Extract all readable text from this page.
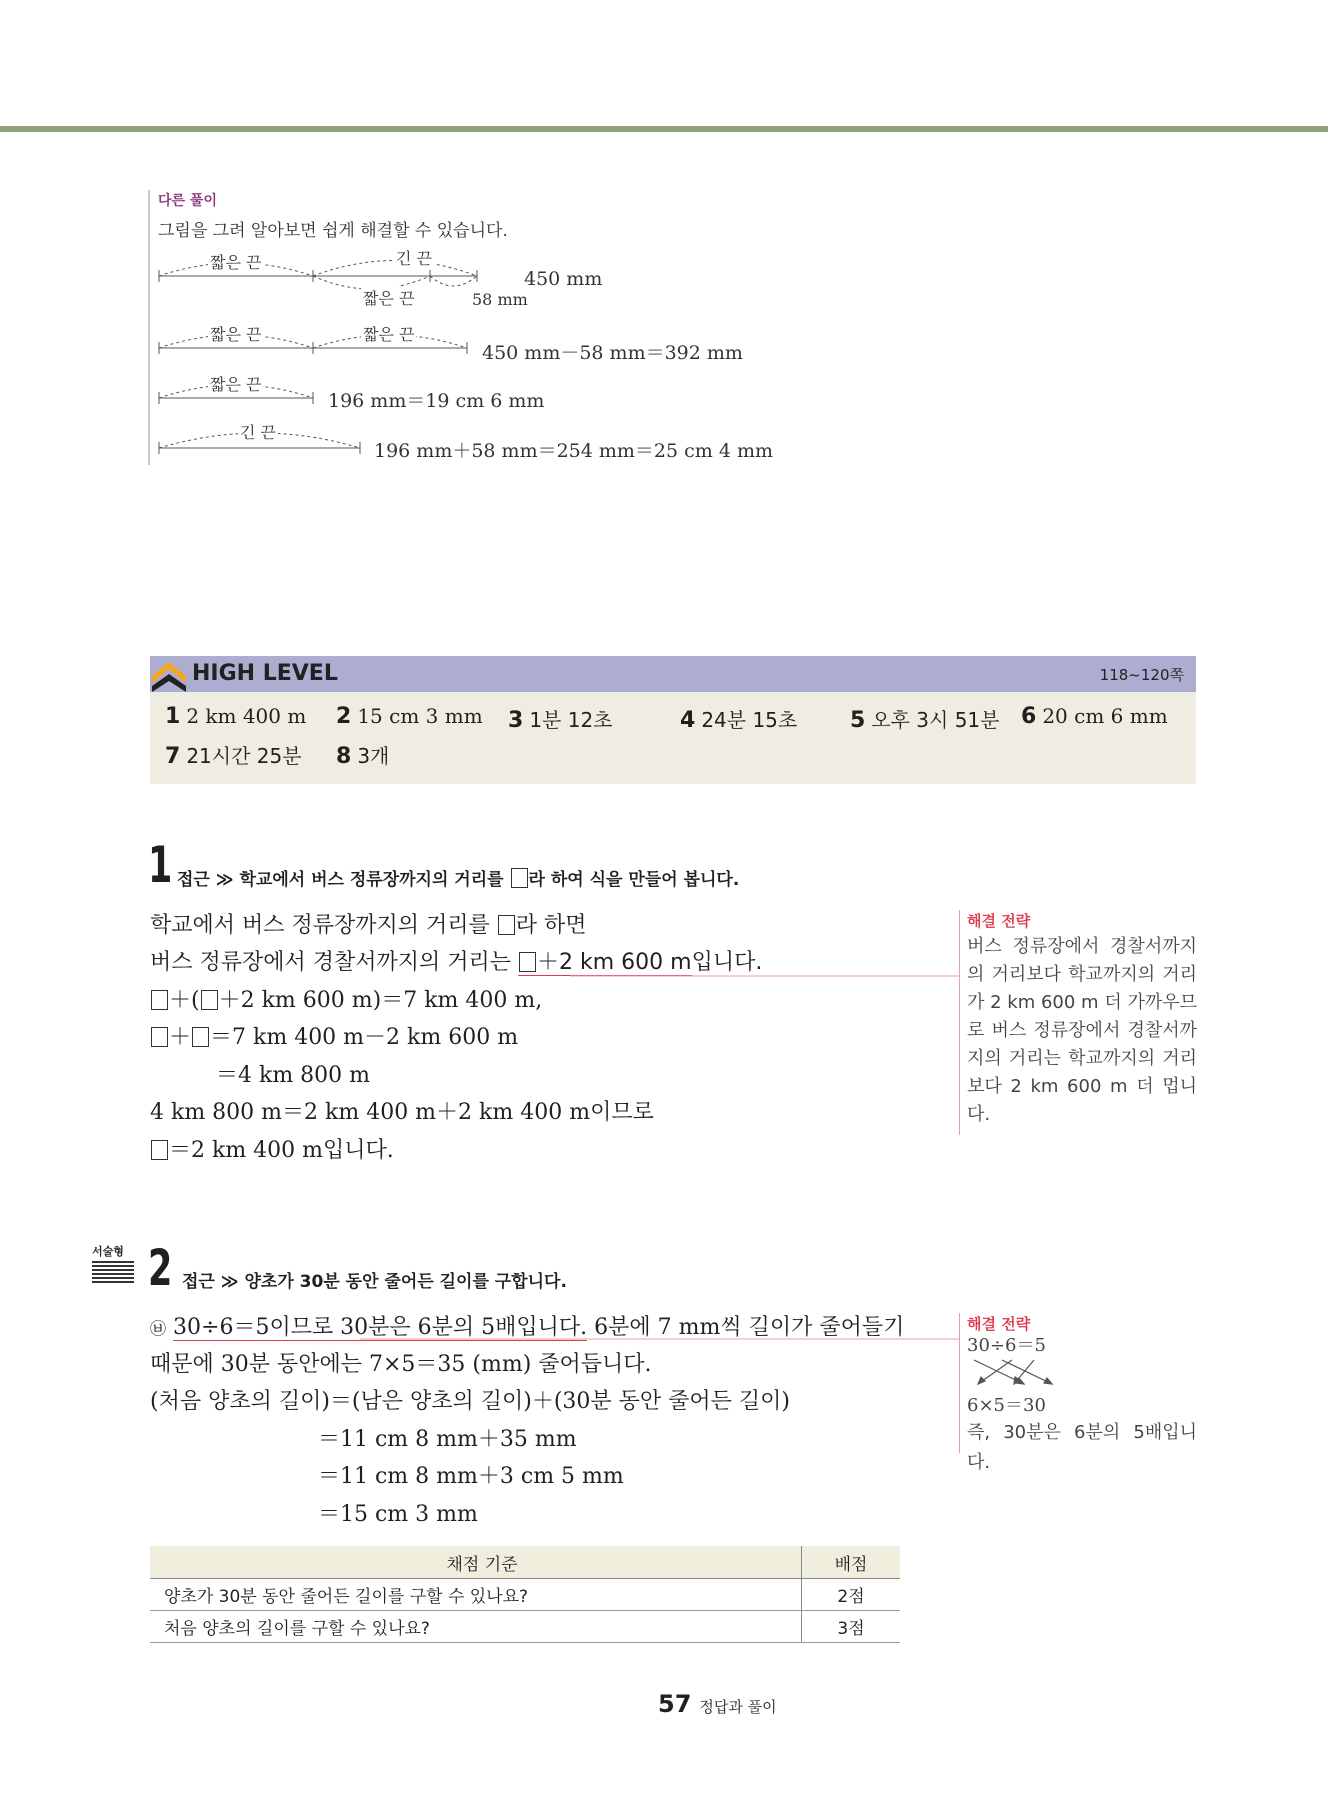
다른 풀이
그림을 그려 알아보면 쉽게 해결할 수 있습니다.
짧은 끈	긴 끈
짧은 끈	58 mm
450 mm
짧은 끈	짧은 끈
450 mm－58 mm＝392 mm
짧은 끈
196 mm＝19 cm 6 mm
긴 끈
196 mm＋58 mm＝254 mm＝25 cm 4 mm
HIGH LEVEL	118~120쪽
1 2 km 400 m 2 15 cm 3 mm 3 1분 12초	4 24분 15초 5 오후 3시 51분 6 20 cm 6 mm
7 21시간 25분 8 3개
1 접근 ≫ 학교에서 버스 정류장까지의 거리를 라 하여 식을 만들어 봅니다.
학교에서 버스 정류장까지의 거리를 라 하면
버스 정류장에서 경찰서까지의 거리는 ＋2 km 600 m입니다.
＋( ＋2 km 600 m)＝7 km 400 m,
＋ ＝7 km 400 m－2 km 600 m
＝4 km 800 m
4 km 800 m＝2 km 400 m＋2 km 400 m이므로
＝2 km 400 m입니다.
해결 전략
버스 정류장에서 경찰서까지의 거리보다 학교까지의 거리가 2 km 600 m 더 가까우므로 버스 정류장에서 경찰서까지의 거리는 학교까지의 거리보다 2 km 600 m 더 멉니다.
서술형 2 접근 ≫ 양초가 30분 동안 줄어든 길이를 구합니다.
㉥ 30÷6＝5이므로 30분은 6분의 5배입니다. 6분에 7 mm씩 길이가 줄어들기
때문에 30분 동안에는 7×5＝35 (mm) 줄어듭니다.
(처음 양초의 길이)＝(남은 양초의 길이)＋(30분 동안 줄어든 길이)
＝11 cm 8 mm＋35 mm
＝11 cm 8 mm＋3 cm 5 mm
＝15 cm 3 mm
해결 전략
30÷6＝5
6×5＝30
즉, 30분은 6분의 5배입니다.
채점 기준	배점
양초가 30분 동안 줄어든 길이를 구할 수 있나요?	2점
처음 양초의 길이를 구할 수 있나요?	3점
57 정답과 풀이
